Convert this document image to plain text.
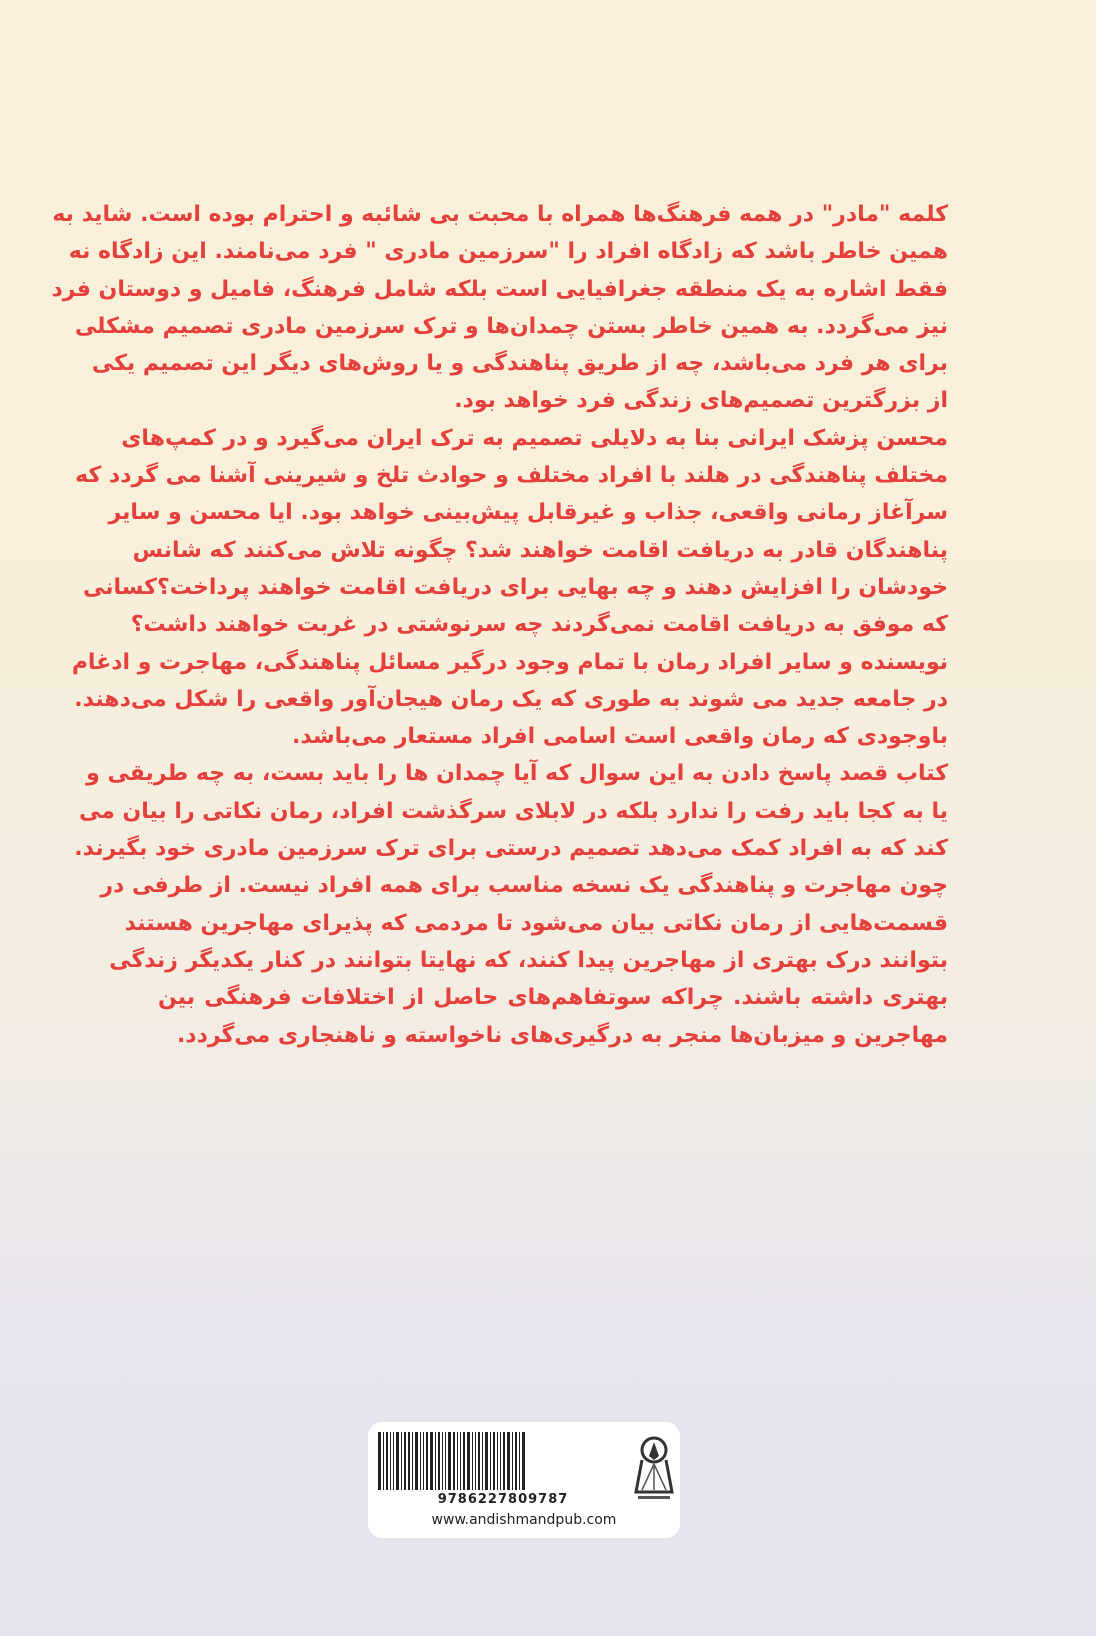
کلمه "مادر" در همه فرهنگ‌ها همراه با محبت بی شائبه و احترام بوده است. شاید به
همین خاطر باشد که زادگاه افراد را "سرزمین مادری " فرد می‌نامند. این زادگاه نه
فقط اشاره به یک منطقه جغرافیایی است بلکه شامل فرهنگ، فامیل و دوستان فرد
نیز می‌گردد. به همین خاطر بستن چمدان‌ها و ترک سرزمین مادری تصمیم مشکلی
برای هر فرد می‌باشد، چه از طریق پناهندگی و یا روش‌های دیگر این تصمیم یکی
از بزرگترین تصمیم‌های زندگی فرد خواهد بود.
محسن پزشک ایرانی بنا به دلایلی تصمیم به ترک ایران می‌گیرد و در کمپ‌های
مختلف پناهندگی در هلند با افراد مختلف و حوادث تلخ و شیرینی آشنا می گردد که
سرآغاز رمانی واقعی، جذاب و غیرقابل پیش‌بینی خواهد بود. ایا محسن و سایر
پناهندگان قادر به دریافت اقامت خواهند شد؟ چگونه تلاش می‌کنند که شانس
خودشان را افزایش دهند و چه بهایی برای دریافت اقامت خواهند پرداخت؟کسانی
که موفق به دریافت اقامت نمی‌گردند چه سرنوشتی در غربت خواهند داشت؟
نویسنده و سایر افراد رمان با تمام وجود درگیر مسائل پناهندگی، مهاجرت و ادغام
در جامعه جدید می شوند به طوری که یک رمان هیجان‌آور واقعی را شکل می‌دهند.
باوجودی که رمان واقعی است اسامی افراد مستعار می‌باشد.
کتاب قصد پاسخ دادن به این سوال که آیا چمدان ها را باید بست، به چه طریقی و
یا به کجا باید رفت را ندارد بلکه در لابلای سرگذشت افراد، رمان نکاتی را بیان می
کند که به افراد کمک می‌دهد تصمیم درستی برای ترک سرزمین مادری خود بگیرند.
چون مهاجرت و پناهندگی یک نسخه مناسب برای همه افراد نیست. از طرفی در
قسمت‌هایی از رمان نکاتی بیان می‌شود تا مردمی که پذیرای مهاجرین هستند
بتوانند درک بهتری از مهاجرین پیدا کنند، که نهایتا بتوانند در کنار یکدیگر زندگی
بهتری داشته باشند. چراکه سوتفاهم‌های حاصل از اختلافات فرهنگی بین
مهاجرین و میزبان‌ها منجر به درگیری‌های ناخواسته و ناهنجاری می‌گردد.
9786227809787
www.andishmandpub.com
